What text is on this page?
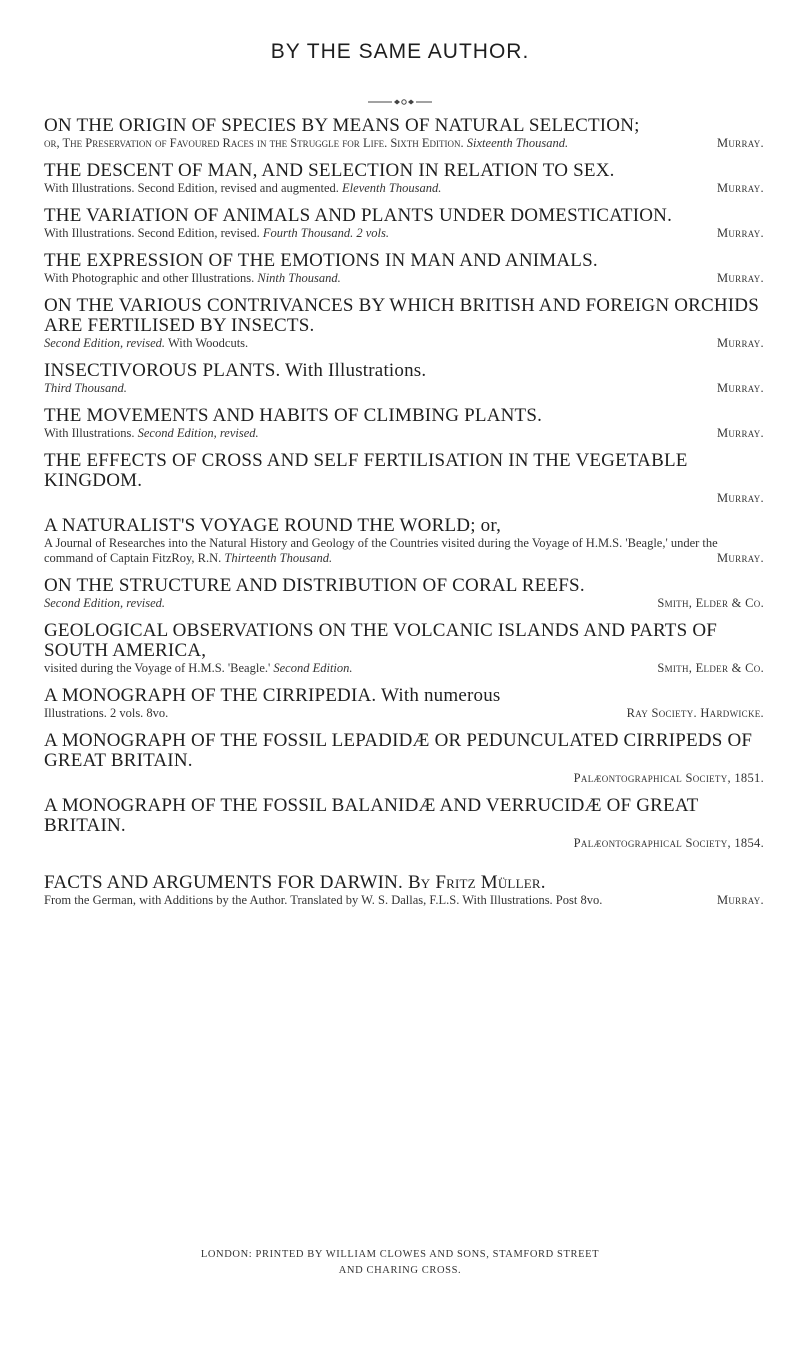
BY THE SAME AUTHOR.
ON THE ORIGIN OF SPECIES BY MEANS OF NATURAL SELECTION;
or, The Preservation of Favoured Races in the Struggle for Life. Sixth Edition. Sixteenth Thousand.	Murray.
THE DESCENT OF MAN, AND SELECTION IN RELATION TO SEX.
With Illustrations. Second Edition, revised and augmented. Eleventh Thousand.	Murray.
THE VARIATION OF ANIMALS AND PLANTS UNDER DOMESTICATION.
With Illustrations. Second Edition, revised. Fourth Thousand. 2 vols.	Murray.
THE EXPRESSION OF THE EMOTIONS IN MAN AND ANIMALS.
With Photographic and other Illustrations. Ninth Thousand.	Murray.
ON THE VARIOUS CONTRIVANCES BY WHICH BRITISH AND FOREIGN ORCHIDS ARE FERTILISED BY INSECTS.
Second Edition, revised. With Woodcuts.	Murray.
INSECTIVOROUS PLANTS. With Illustrations.
Third Thousand.	Murray.
THE MOVEMENTS AND HABITS OF CLIMBING PLANTS.
With Illustrations. Second Edition, revised.	Murray.
THE EFFECTS OF CROSS AND SELF FERTILISATION IN THE VEGETABLE KINGDOM.
Murray.
A NATURALIST'S VOYAGE ROUND THE WORLD; or,
A Journal of Researches into the Natural History and Geology of the Countries visited during the Voyage of H.M.S. 'Beagle,' under the command of Captain FitzRoy, R.N. Thirteenth Thousand.	Murray.
ON THE STRUCTURE AND DISTRIBUTION OF CORAL REEFS.
Second Edition, revised.	Smith, Elder & Co.
GEOLOGICAL OBSERVATIONS ON THE VOLCANIC ISLANDS AND PARTS OF SOUTH AMERICA,
visited during the Voyage of H.M.S. 'Beagle.' Second Edition.	Smith, Elder & Co.
A MONOGRAPH OF THE CIRRIPEDIA. With numerous
Illustrations. 2 vols. 8vo.	Ray Society. Hardwicke.
A MONOGRAPH OF THE FOSSIL LEPADIDÆ OR PEDUNCULATED CIRRIPEDS OF GREAT BRITAIN.
Palæontographical Society, 1851.
A MONOGRAPH OF THE FOSSIL BALANIDÆ AND VERRUCIDÆ OF GREAT BRITAIN.
Palæontographical Society, 1854.
FACTS AND ARGUMENTS FOR DARWIN. By Fritz Müller.
From the German, with Additions by the Author. Translated by W. S. Dallas, F.L.S. With Illustrations. Post 8vo.	Murray.
LONDON: PRINTED BY WILLIAM CLOWES AND SONS, STAMFORD STREET
AND CHARING CROSS.
